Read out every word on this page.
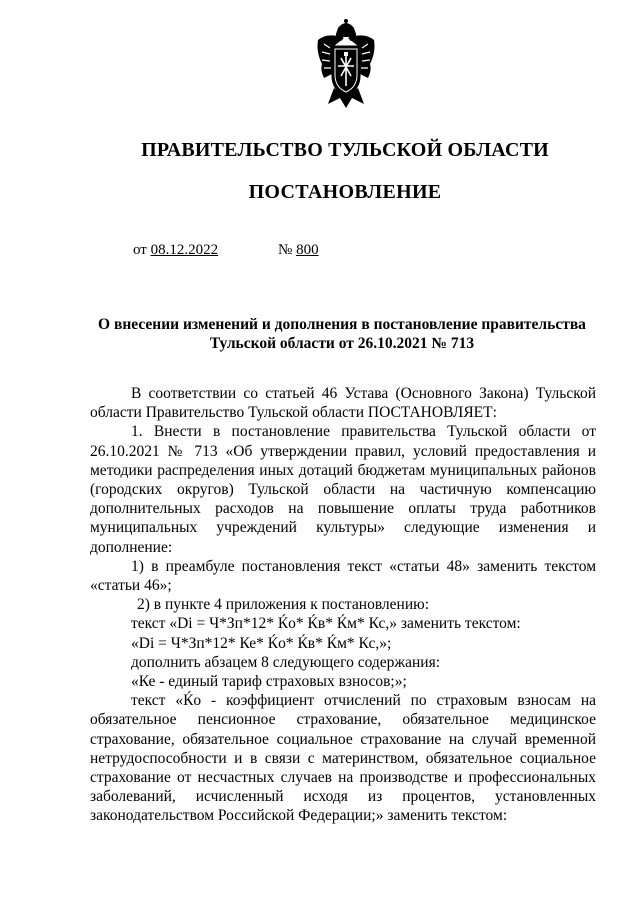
ПРАВИТЕЛЬСТВО ТУЛЬСКОЙ ОБЛАСТИ
ПОСТАНОВЛЕНИЕ
от 08.12.2022	№ 800
О внесении изменений и дополнения в постановление правительства
Тульской области от 26.10.2021 № 713

В соответствии со статьей 46 Устава (Основного Закона) Тульской области Правительство Тульской области ПОСТАНОВЛЯЕТ:

1. Внести в постановление правительства Тульской области от 26.10.2021 № 713 «Об утверждении правил, условий предоставления и методики распределения иных дотаций бюджетам муниципальных районов (городских округов) Тульской области на частичную компенсацию дополнительных расходов на повышение оплаты труда работников муниципальных учреждений культуры» следующие изменения и дополнение:

1) в преамбуле постановления текст «статьи 48» заменить текстом «статьи 46»;

2) в пункте 4 приложения к постановлению:

текст «Di = Ч*Зп*12* Ќо* Ќв* Ќм* Кс,» заменить текстом:

«Di = Ч*Зп*12* Ке* Ќо* Ќв* Ќм* Кс,»;

дополнить абзацем 8 следующего содержания:

«Ке - единый тариф страховых взносов;»;

текст «Ќо - коэффициент отчислений по страховым взносам на обязательное пенсионное страхование, обязательное медицинское страхование, обязательное социальное страхование на случай временной нетрудоспособности и в связи с материнством, обязательное социальное страхование от несчастных случаев на производстве и профессиональных заболеваний, исчисленный исходя из процентов, установленных законодательством Российской Федерации;» заменить текстом:
